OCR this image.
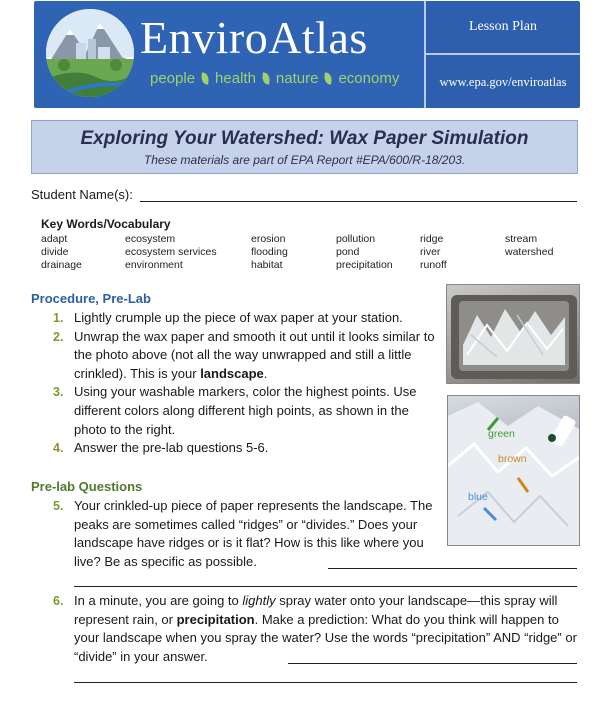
EnviroAtlas
people health nature economy
Lesson Plan
www.epa.gov/enviroatlas
Exploring Your Watershed: Wax Paper Simulation
These materials are part of EPA Report #EPA/600/R-18/203.
Student Name(s):
Key Words/Vocabulary
adapt	ecosystem	erosion	pollution	ridge	stream
divide	ecosystem services	flooding	pond	river	watershed
drainage	environment	habitat	precipitation	runoff
Procedure, Pre-Lab
1. Lightly crumple up the piece of wax paper at your station.
2. Unwrap the wax paper and smooth it out until it looks similar to the photo above (not all the way unwrapped and still a little crinkled). This is your landscape.
3. Using your washable markers, color the highest points. Use different colors along different high points, as shown in the photo to the right.
4. Answer the pre-lab questions 5-6.
green
brown
blue
Pre-lab Questions
5. Your crinkled-up piece of paper represents the landscape. The peaks are sometimes called “ridges” or “divides.” Does your landscape have ridges or is it flat? How is this like where you live? Be as specific as possible.
6. In a minute, you are going to lightly spray water onto your landscape—this spray will represent rain, or precipitation. Make a prediction: What do you think will happen to your landscape when you spray the water? Use the words “precipitation” AND “ridge” or “divide” in your answer.
